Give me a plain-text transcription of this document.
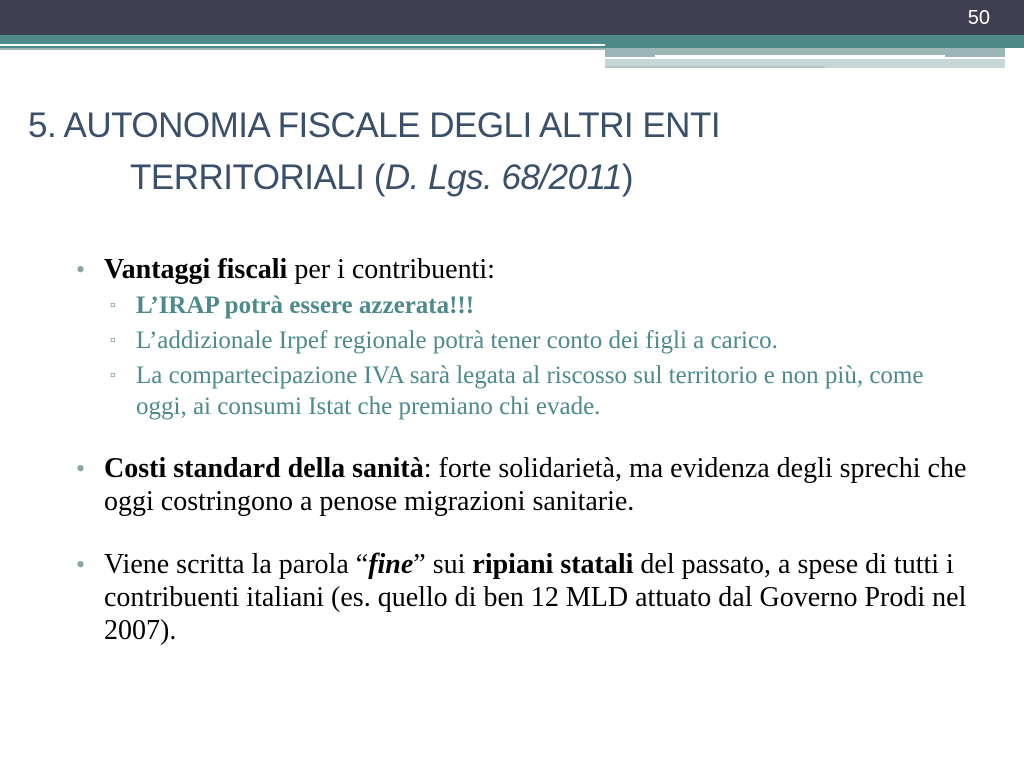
50
5. AUTONOMIA FISCALE DEGLI ALTRI ENTI
TERRITORIALI (D. Lgs. 68/2011)
• Vantaggi fiscali per i contribuenti:
▫ L’IRAP potrà essere azzerata!!!
▫ L’addizionale Irpef regionale potrà tener conto dei figli a carico.
▫ La compartecipazione IVA sarà legata al riscosso sul territorio e non più, come oggi, ai consumi Istat che premiano chi evade.
• Costi standard della sanità: forte solidarietà, ma evidenza degli sprechi che oggi costringono a penose migrazioni sanitarie.
• Viene scritta la parola “fine” sui ripiani statali del passato, a spese di tutti i contribuenti italiani (es. quello di ben 12 MLD attuato dal Governo Prodi nel 2007).
